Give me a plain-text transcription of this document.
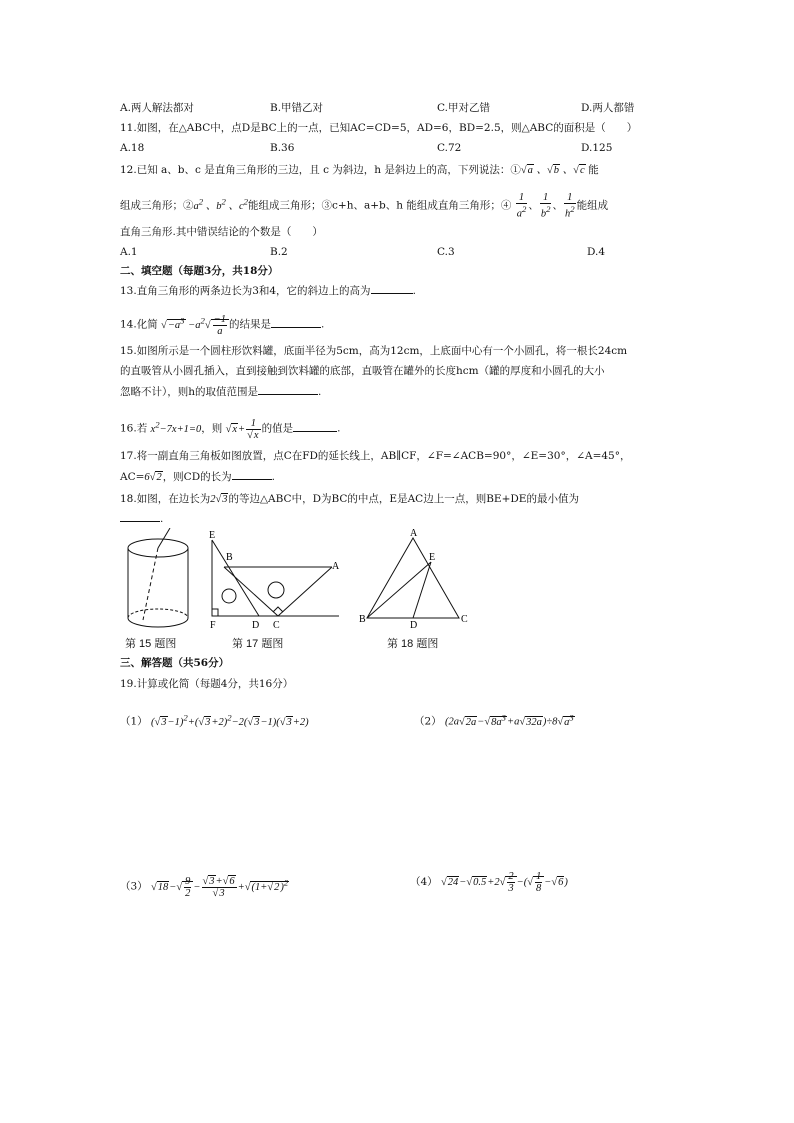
A.两人解法都对	B.甲错乙对	C.甲对乙错	D.两人都错
11.如图，在△ABC中，点D是BC上的一点，已知AC=CD=5，AD=6，BD=2.5，则△ABC的面积是（　　）
A.18	B.36	C.72	D.125
12.已知 a、b、c 是直角三角形的三边，且 c 为斜边，h 是斜边上的高，下列说法：①√a 、√b 、√c 能
组成三角形；$②a^2$ 、$b^2$ 、$c^2$能组成三角形；③c+h、a+b、h 能组成直角三角形；④ $\frac{1}{a^2}$ 、 $\frac{1}{b^2}$ 、 $\frac{1}{h^2}$ 能组成
直角三角形.其中错误结论的个数是（　　）
A.1	B.2	C.3	D.4
二、填空题（每题3分，共18分）
13.直角三角形的两条边长为3和4，它的斜边上的高为	.
14.化简 $√-a^3 -a^2√ \frac{-1}{a}$ 的结果是	.
15.如图所示是一个圆柱形饮料罐，底面半径为5cm，高为12cm，上底面中心有一个小圆孔，将一根长24cm
的直吸管从小圆孔插入，直到接触到饮料罐的底部，直吸管在罐外的长度hcm（罐的厚度和小圆孔的大小
忽略不计），则h的取值范围是	.
16.若 $x^2-7x+1=0$，则 $√x+ \frac{1}{√x}$ 的值是	.
17.将一副直角三角板如图放置，点C在FD的延长线上，AB∥CF，∠F=∠ACB=90°，∠E=30°，∠A=45°，
AC=6√2，则CD的长为	.
18.如图，在边长为2√3的等边△ABC中，D为BC的中点，E是AC边上一点，则BE+DE的最小值为
.
E
B
A
F	D C
A
E
B
D
C
第 15 题图	第 17 题图	第 18 题图
三、解答题（共56分）
19.计算或化简（每题4分，共16分）
（1） $(√3-1)^2+(√3+2)^2-2(√3-1)(√3+2)$	（2） $(2a√2a-√8a^3+a√32a)\div 8√a^3$
（3） $√18-√ \frac{9}{2} - \frac{√3+√6}{√3} +√(1+√2)^2$	（4） $√24-√0.5+2√ \frac{2}{3}$ −(√ $\frac{1}{8} -√6$)
